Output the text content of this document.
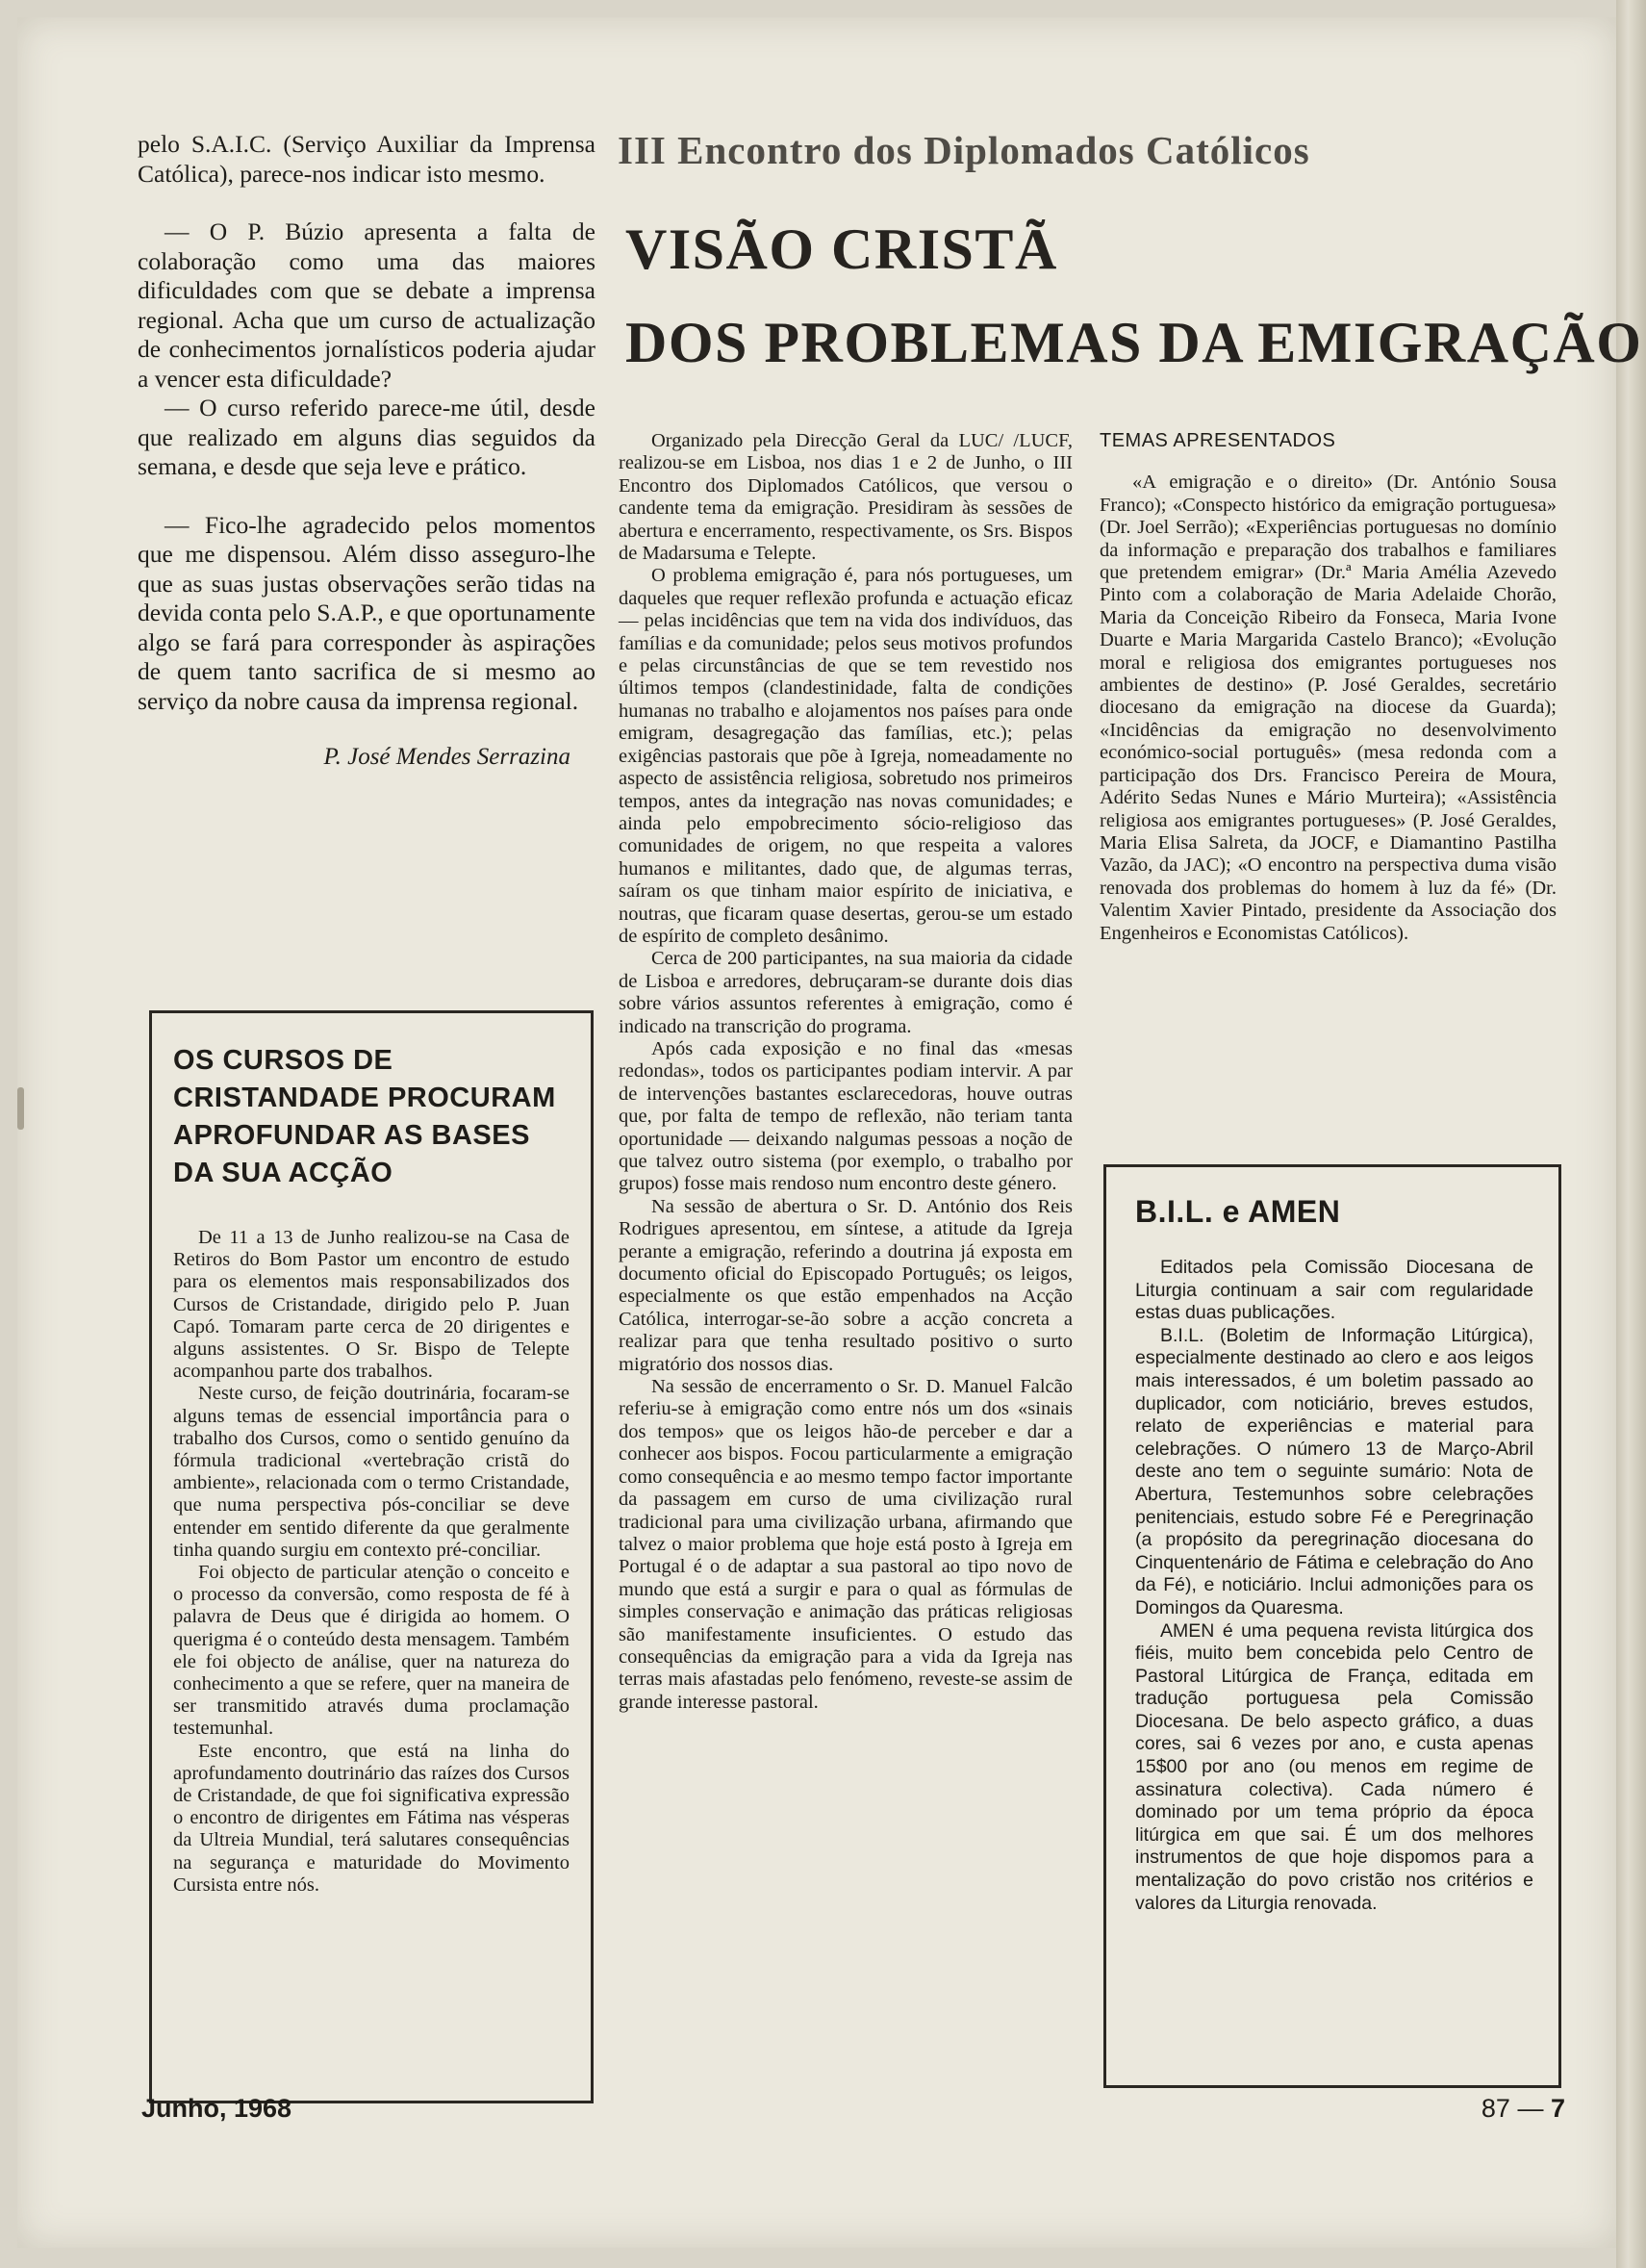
pelo S.A.I.C. (Serviço Auxiliar da Imprensa Católica), parece-nos indicar isto mesmo.

— O P. Búzio apresenta a falta de colaboração como uma das maiores dificuldades com que se debate a imprensa regional. Acha que um curso de actualização de conhecimentos jornalísticos poderia ajudar a vencer esta dificuldade?

— O curso referido parece-me útil, desde que realizado em alguns dias seguidos da semana, e desde que seja leve e prático.

— Fico-lhe agradecido pelos momentos que me dispensou. Além disso asseguro-lhe que as suas justas observações serão tidas na devida conta pelo S.A.P., e que oportunamente algo se fará para corresponder às aspirações de quem tanto sacrifica de si mesmo ao serviço da nobre causa da imprensa regional.

P. José Mendes Serrazina

OS CURSOS DE CRISTANDADE PROCURAM APROFUNDAR AS BASES DA SUA ACÇÃO

De 11 a 13 de Junho realizou-se na Casa de Retiros do Bom Pastor um encontro de estudo para os elementos mais responsabilizados dos Cursos de Cristandade, dirigido pelo P. Juan Capó. Tomaram parte cerca de 20 dirigentes e alguns assistentes. O Sr. Bispo de Telepte acompanhou parte dos trabalhos.

Neste curso, de feição doutrinária, focaram-se alguns temas de essencial importância para o trabalho dos Cursos, como o sentido genuíno da fórmula tradicional «vertebração cristã do ambiente», relacionada com o termo Cristandade, que numa perspectiva pós-conciliar se deve entender em sentido diferente da que geralmente tinha quando surgiu em contexto pré-conciliar.

Foi objecto de particular atenção o conceito e o processo da conversão, como resposta de fé à palavra de Deus que é dirigida ao homem. O querigma é o conteúdo desta mensagem. Também ele foi objecto de análise, quer na natureza do conhecimento a que se refere, quer na maneira de ser transmitido através duma proclamação testemunhal.

Este encontro, que está na linha do aprofundamento doutrinário das raízes dos Cursos de Cristandade, de que foi significativa expressão o encontro de dirigentes em Fátima nas vésperas da Ultreia Mundial, terá salutares consequências na segurança e maturidade do Movimento Cursista entre nós.

III Encontro dos Diplomados Católicos
VISÃO CRISTÃ
DOS PROBLEMAS DA EMIGRAÇÃO

Organizado pela Direcção Geral da LUC/ /LUCF, realizou-se em Lisboa, nos dias 1 e 2 de Junho, o III Encontro dos Diplomados Católicos, que versou o candente tema da emigração. Presidiram às sessões de abertura e encerramento, respectivamente, os Srs. Bispos de Madarsuma e Telepte.

O problema emigração é, para nós portugueses, um daqueles que requer reflexão profunda e actuação eficaz — pelas incidências que tem na vida dos indivíduos, das famílias e da comunidade; pelos seus motivos profundos e pelas circunstâncias de que se tem revestido nos últimos tempos (clandestinidade, falta de condições humanas no trabalho e alojamentos nos países para onde emigram, desagregação das famílias, etc.); pelas exigências pastorais que põe à Igreja, nomeadamente no aspecto de assistência religiosa, sobretudo nos primeiros tempos, antes da integração nas novas comunidades; e ainda pelo empobrecimento sócio-religioso das comunidades de origem, no que respeita a valores humanos e militantes, dado que, de algumas terras, saíram os que tinham maior espírito de iniciativa, e noutras, que ficaram quase desertas, gerou-se um estado de espírito de completo desânimo.

Cerca de 200 participantes, na sua maioria da cidade de Lisboa e arredores, debruçaram-se durante dois dias sobre vários assuntos referentes à emigração, como é indicado na transcrição do programa.

Após cada exposição e no final das «mesas redondas», todos os participantes podiam intervir. A par de intervenções bastantes esclarecedoras, houve outras que, por falta de tempo de reflexão, não teriam tanta oportunidade — deixando nalgumas pessoas a noção de que talvez outro sistema (por exemplo, o trabalho por grupos) fosse mais rendoso num encontro deste género.

Na sessão de abertura o Sr. D. António dos Reis Rodrigues apresentou, em síntese, a atitude da Igreja perante a emigração, referindo a doutrina já exposta em documento oficial do Episcopado Português; os leigos, especialmente os que estão empenhados na Acção Católica, interrogar-se-ão sobre a acção concreta a realizar para que tenha resultado positivo o surto migratório dos nossos dias.

Na sessão de encerramento o Sr. D. Manuel Falcão referiu-se à emigração como entre nós um dos «sinais dos tempos» que os leigos hão-de perceber e dar a conhecer aos bispos. Focou particularmente a emigração como consequência e ao mesmo tempo factor importante da passagem em curso de uma civilização rural tradicional para uma civilização urbana, afirmando que talvez o maior problema que hoje está posto à Igreja em Portugal é o de adaptar a sua pastoral ao tipo novo de mundo que está a surgir e para o qual as fórmulas de simples conservação e animação das práticas religiosas são manifestamente insuficientes. O estudo das consequências da emigração para a vida da Igreja nas terras mais afastadas pelo fenómeno, reveste-se assim de grande interesse pastoral.

TEMAS APRESENTADOS

«A emigração e o direito» (Dr. António Sousa Franco); «Conspecto histórico da emigração portuguesa» (Dr. Joel Serrão); «Experiências portuguesas no domínio da informação e preparação dos trabalhos e familiares que pretendem emigrar» (Dr.ª Maria Amélia Azevedo Pinto com a colaboração de Maria Adelaide Chorão, Maria da Conceição Ribeiro da Fonseca, Maria Ivone Duarte e Maria Margarida Castelo Branco); «Evolução moral e religiosa dos emigrantes portugueses nos ambientes de destino» (P. José Geraldes, secretário diocesano da emigração na diocese da Guarda); «Incidências da emigração no desenvolvimento económico-social português» (mesa redonda com a participação dos Drs. Francisco Pereira de Moura, Adérito Sedas Nunes e Mário Murteira); «Assistência religiosa aos emigrantes portugueses» (P. José Geraldes, Maria Elisa Salreta, da JOCF, e Diamantino Pastilha Vazão, da JAC); «O encontro na perspectiva duma visão renovada dos problemas do homem à luz da fé» (Dr. Valentim Xavier Pintado, presidente da Associação dos Engenheiros e Economistas Católicos).

B.I.L. e AMEN

Editados pela Comissão Diocesana de Liturgia continuam a sair com regularidade estas duas publicações.

B.I.L. (Boletim de Informação Litúrgica), especialmente destinado ao clero e aos leigos mais interessados, é um boletim passado ao duplicador, com noticiário, breves estudos, relato de experiências e material para celebrações. O número 13 de Março-Abril deste ano tem o seguinte sumário: Nota de Abertura, Testemunhos sobre celebrações penitenciais, estudo sobre Fé e Peregrinação (a propósito da peregrinação diocesana do Cinquentenário de Fátima e celebração do Ano da Fé), e noticiário. Inclui admonições para os Domingos da Quaresma.

AMEN é uma pequena revista litúrgica dos fiéis, muito bem concebida pelo Centro de Pastoral Litúrgica de França, editada em tradução portuguesa pela Comissão Diocesana. De belo aspecto gráfico, a duas cores, sai 6 vezes por ano, e custa apenas 15$00 por ano (ou menos em regime de assinatura colectiva). Cada número é dominado por um tema próprio da época litúrgica em que sai. É um dos melhores instrumentos de que hoje dispomos para a mentalização do povo cristão nos critérios e valores da Liturgia renovada.

Junho, 1968	87 — 7
